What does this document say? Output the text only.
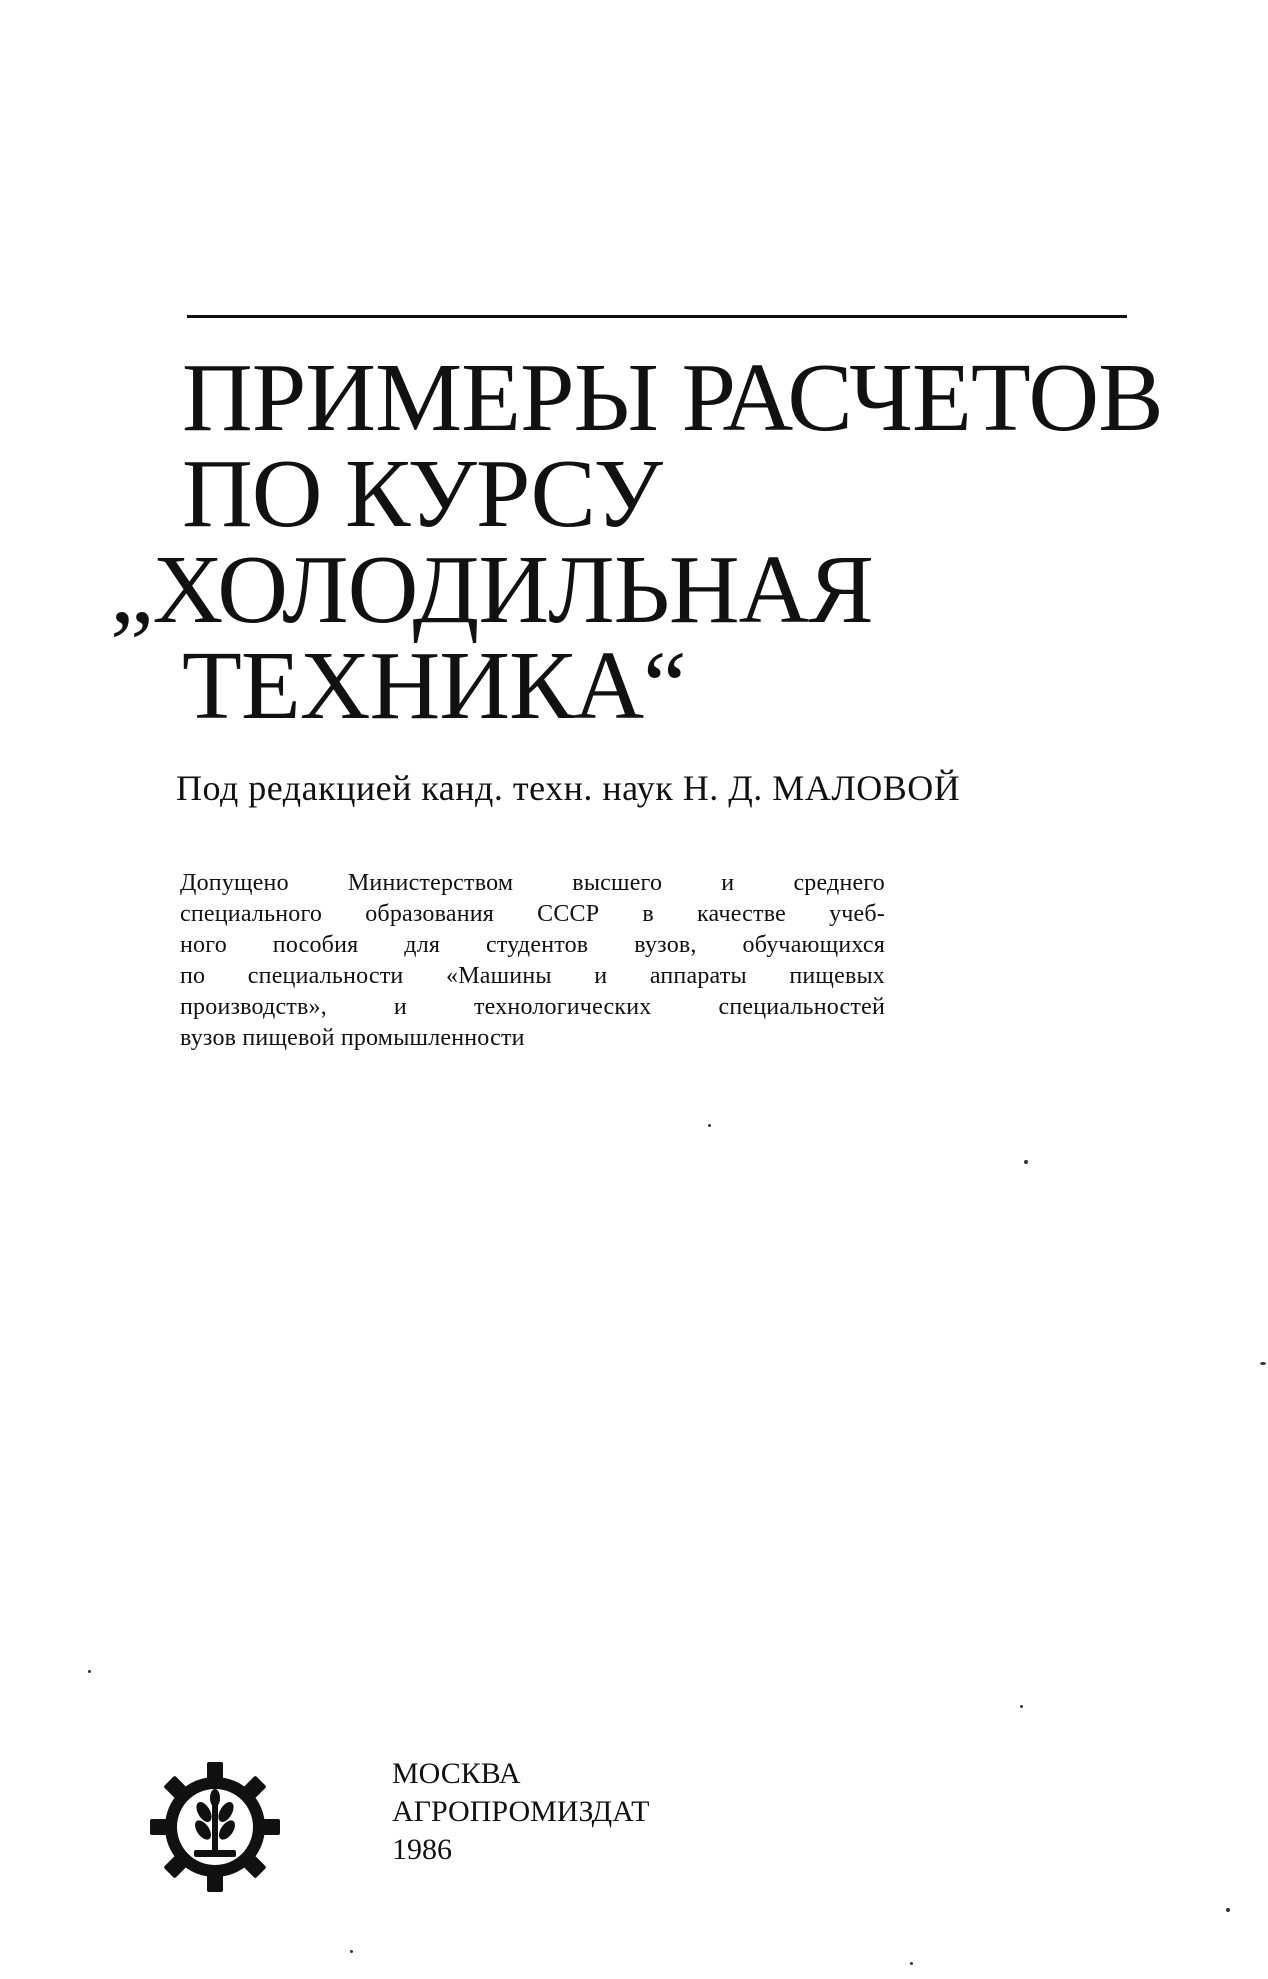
ПРИМЕРЫ РАСЧЕТОВ
ПО КУРСУ
„ХОЛОДИЛЬНАЯ
ТЕХНИКА“
Под редакцией канд. техн. наук Н. Д. МАЛОВОЙ
Допущено Министерством высшего и среднего
специального образования СССР в качестве учеб-
ного пособия для студентов вузов, обучающихся
по специальности «Машины и аппараты пищевых
производств», и технологических специальностей
вузов пищевой промышленности
МОСКВА
АГРОПРОМИЗДАТ
1986
